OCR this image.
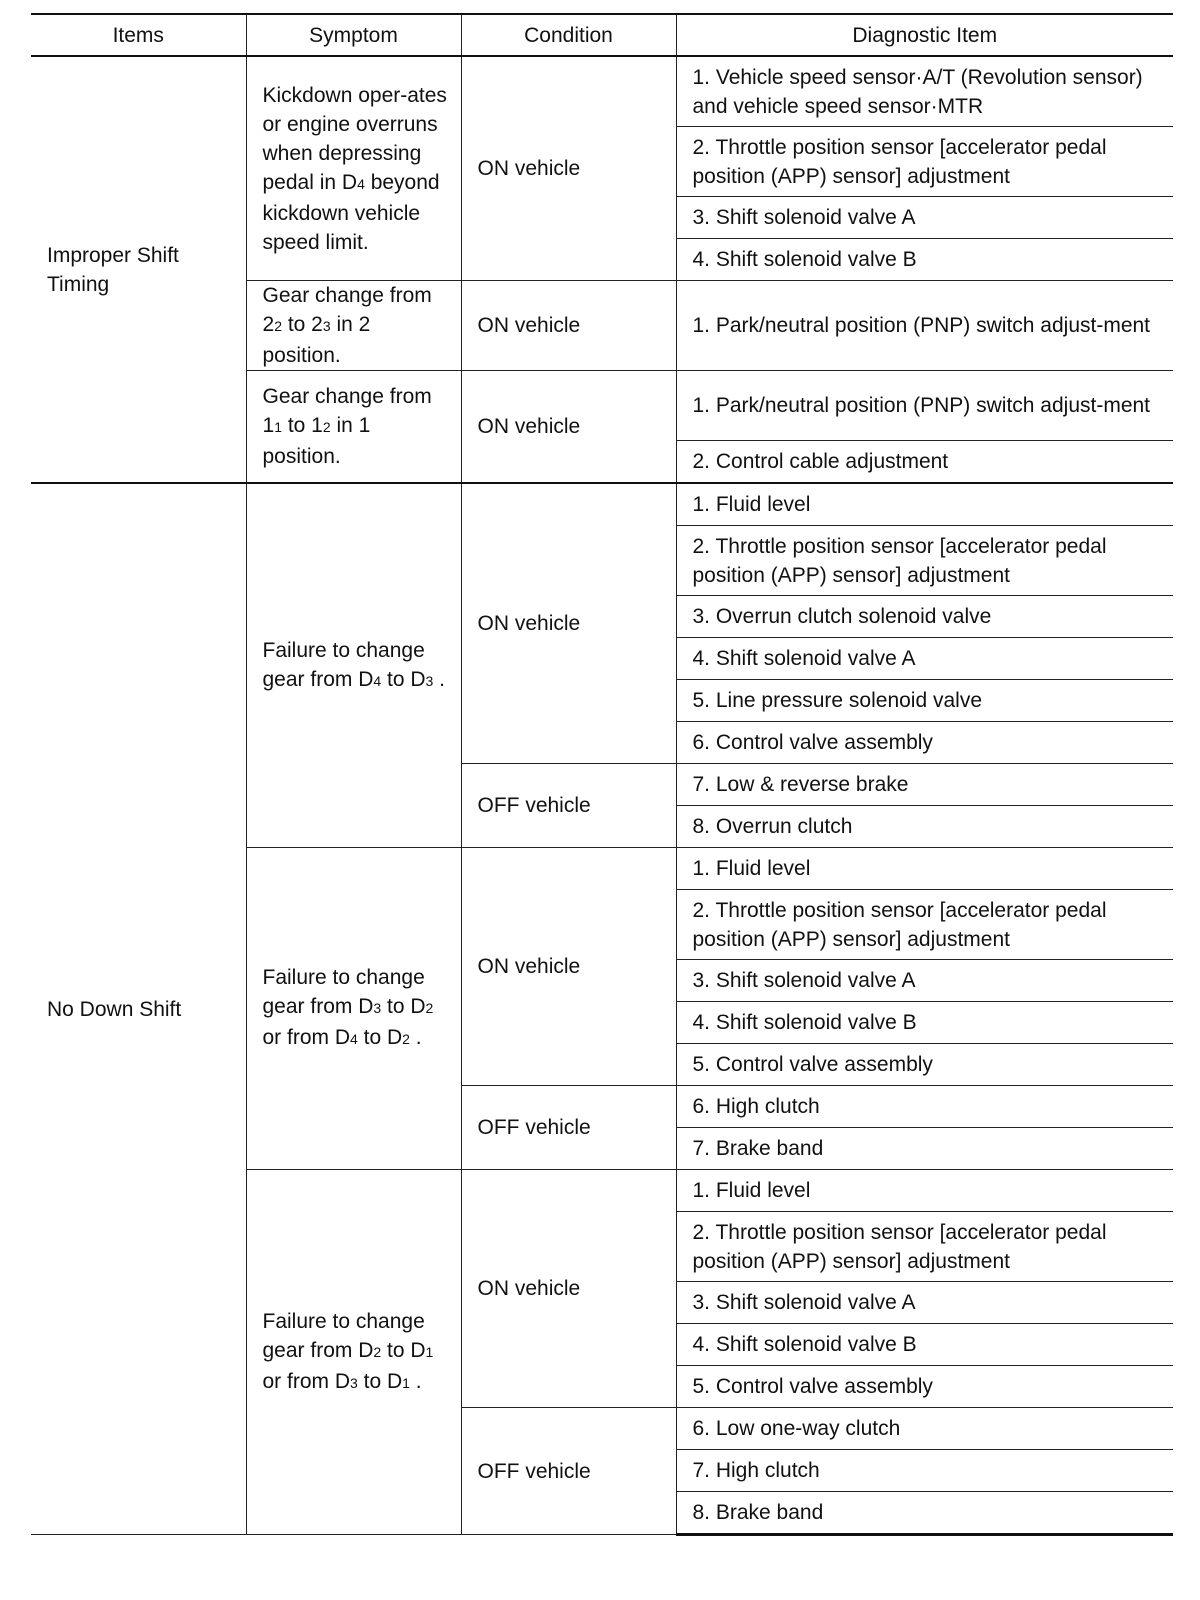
Items	Symptom	Condition	Diagnostic Item
Improper Shift Timing	Kickdown oper-ates or engine overruns when depressing pedal in D4 beyond kickdown vehicle speed limit.	ON vehicle	1. Vehicle speed sensor·A/T (Revolution sensor) and vehicle speed sensor·MTR
			2. Throttle position sensor [accelerator pedal position (APP) sensor] adjustment
			3. Shift solenoid valve A
			4. Shift solenoid valve B
	Gear change from 22 to 23 in 2 position.	ON vehicle	1. Park/neutral position (PNP) switch adjust-ment
	Gear change from 11 to 12 in 1 position.	ON vehicle	1. Park/neutral position (PNP) switch adjust-ment
			2. Control cable adjustment
No Down Shift	Failure to change gear from D4 to D3 .	ON vehicle	1. Fluid level
			2. Throttle position sensor [accelerator pedal position (APP) sensor] adjustment
			3. Overrun clutch solenoid valve
			4. Shift solenoid valve A
			5. Line pressure solenoid valve
			6. Control valve assembly
		OFF vehicle	7. Low & reverse brake
			8. Overrun clutch
	Failure to change gear from D3 to D2 or from D4 to D2 .	ON vehicle	1. Fluid level
			2. Throttle position sensor [accelerator pedal position (APP) sensor] adjustment
			3. Shift solenoid valve A
			4. Shift solenoid valve B
			5. Control valve assembly
		OFF vehicle	6. High clutch
			7. Brake band
	Failure to change gear from D2 to D1 or from D3 to D1 .	ON vehicle	1. Fluid level
			2. Throttle position sensor [accelerator pedal position (APP) sensor] adjustment
			3. Shift solenoid valve A
			4. Shift solenoid valve B
			5. Control valve assembly
		OFF vehicle	6. Low one-way clutch
			7. High clutch
			8. Brake band
